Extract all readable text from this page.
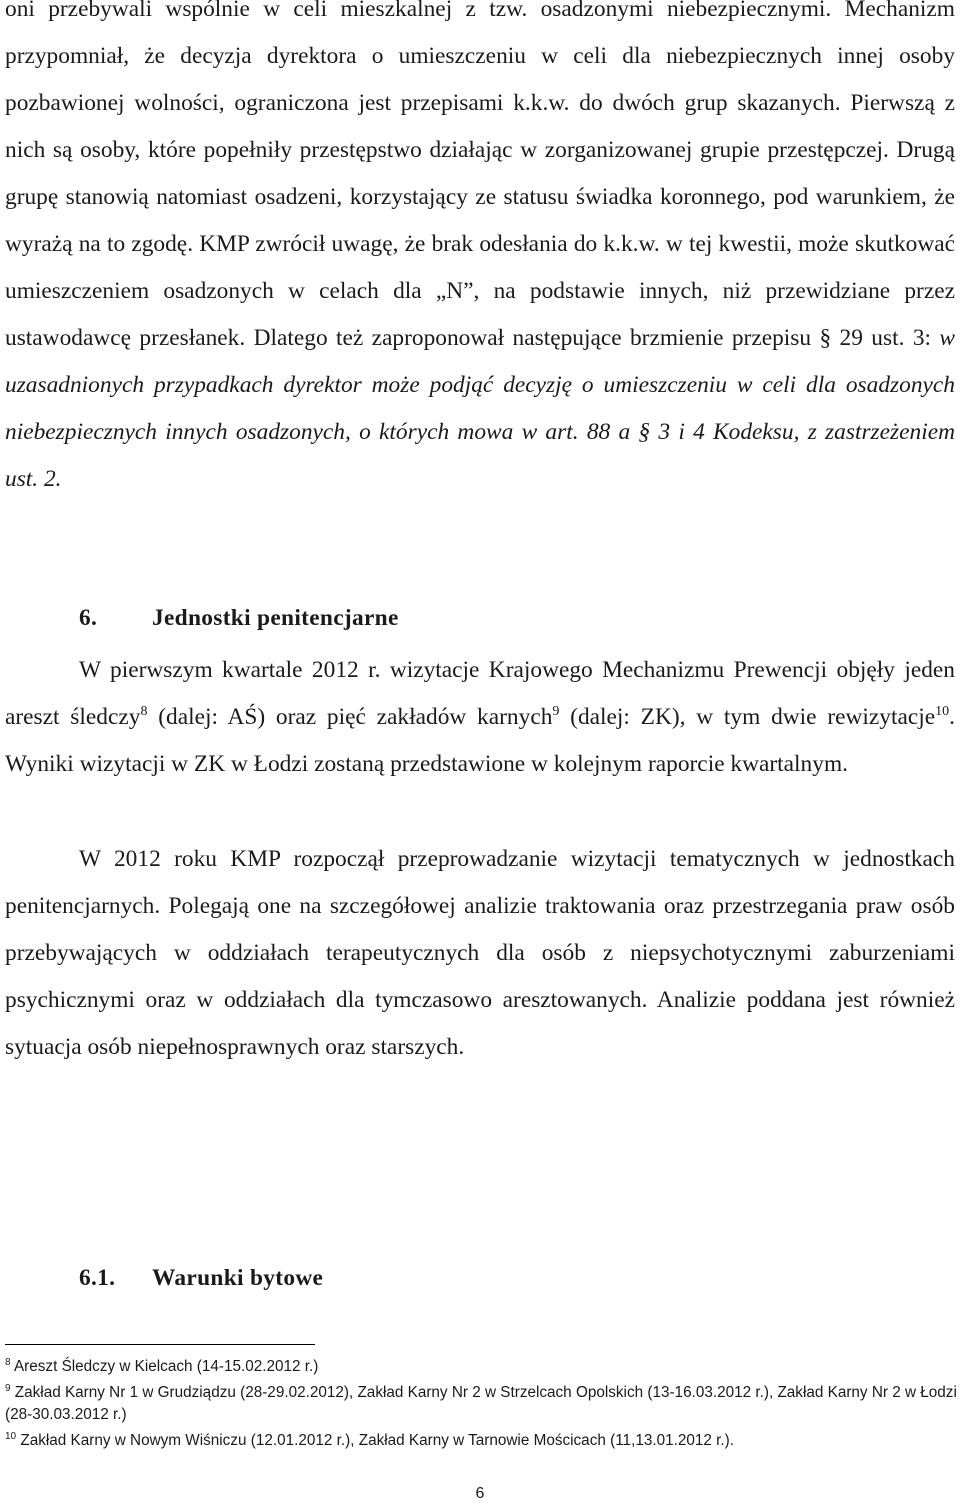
oni przebywali wspólnie w celi mieszkalnej z tzw. osadzonymi niebezpiecznymi. Mechanizm przypomniał, że decyzja dyrektora o umieszczeniu w celi dla niebezpiecznych innej osoby pozbawionej wolności, ograniczona jest przepisami k.k.w. do dwóch grup skazanych. Pierwszą z nich są osoby, które popełniły przestępstwo działając w zorganizowanej grupie przestępczej. Drugą grupę stanowią natomiast osadzeni, korzystający ze statusu świadka koronnego, pod warunkiem, że wyrażą na to zgodę. KMP zwrócił uwagę, że brak odesłania do k.k.w. w tej kwestii, może skutkować umieszczeniem osadzonych w celach dla „N”, na podstawie innych, niż przewidziane przez ustawodawcę przesłanek. Dlatego też zaproponował następujące brzmienie przepisu § 29 ust. 3: w uzasadnionych przypadkach dyrektor może podjąć decyzję o umieszczeniu w celi dla osadzonych niebezpiecznych innych osadzonych, o których mowa w art. 88 a § 3 i 4 Kodeksu, z zastrzeżeniem ust. 2.

6. Jednostki penitencjarne

W pierwszym kwartale 2012 r. wizytacje Krajowego Mechanizmu Prewencji objęły jeden areszt śledczy$^8$ (dalej: AŚ) oraz pięć zakładów karnych$^9$ (dalej: ZK), w tym dwie rewizytacje$^{10}$. Wyniki wizytacji w ZK w Łodzi zostaną przedstawione w kolejnym raporcie kwartalnym.

W 2012 roku KMP rozpoczął przeprowadzanie wizytacji tematycznych w jednostkach penitencjarnych. Polegają one na szczegółowej analizie traktowania oraz przestrzegania praw osób przebywających w oddziałach terapeutycznych dla osób z niepsychotycznymi zaburzeniami psychicznymi oraz w oddziałach dla tymczasowo aresztowanych. Analizie poddana jest również sytuacja osób niepełnosprawnych oraz starszych.

6.1. Warunki bytowe

$^8$ Areszt Śledczy w Kielcach (14-15.02.2012 r.)

$^9$ Zakład Karny Nr 1 w Grudziądzu (28-29.02.2012), Zakład Karny Nr 2 w Strzelcach Opolskich (13-16.03.2012 r.), Zakład Karny Nr 2 w Łodzi (28-30.03.2012 r.)

$^{10}$ Zakład Karny w Nowym Wiśniczu (12.01.2012 r.), Zakład Karny w Tarnowie Mościcach (11,13.01.2012 r.).

6
